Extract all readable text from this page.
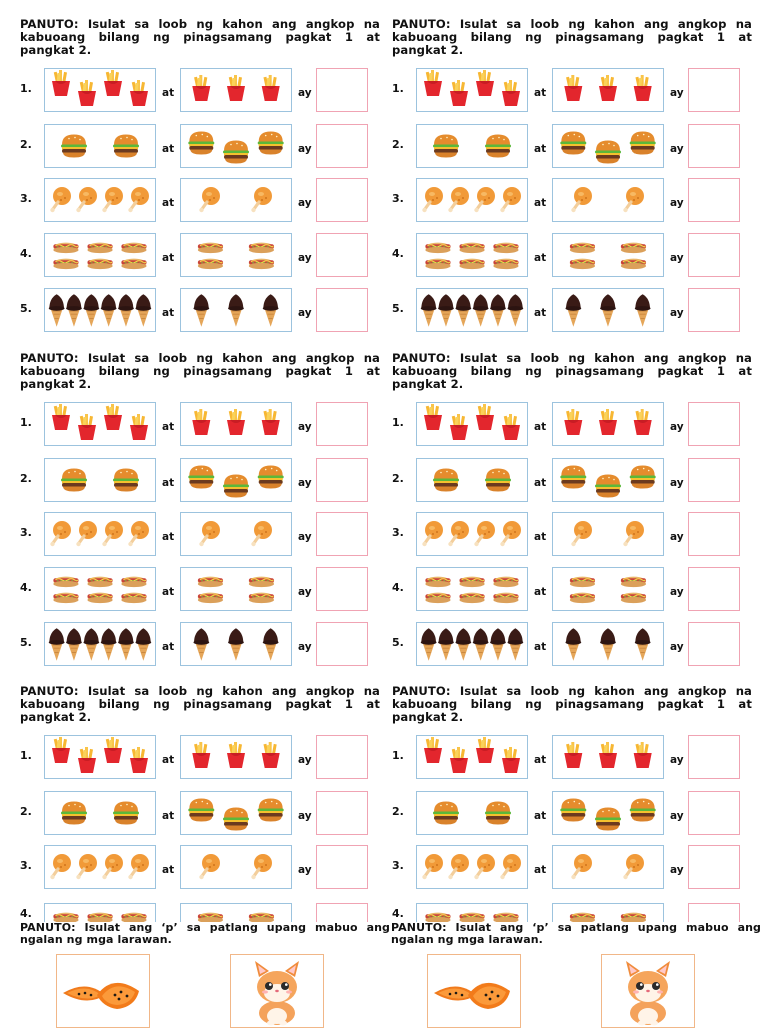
PANUTO: Isulat sa loob ng kahon ang angkop na kabuoang bilang ng pinagsamang pagkat 1 at pangkat 2.
1.	at	ay
2.	at	ay
3.	at	ay
4.	at	ay
5.	at	ay
PANUTO: Isulat sa loob ng kahon ang angkop na kabuoang bilang ng pinagsamang pagkat 1 at pangkat 2.
1.	at	ay
2.	at	ay
3.	at	ay
4.	at	ay
5.	at	ay
PANUTO: Isulat sa loob ng kahon ang angkop na kabuoang bilang ng pinagsamang pagkat 1 at pangkat 2.
1.	at	ay
2.	at	ay
3.	at	ay
4.	at	ay
5.	at	ay
PANUTO: Isulat sa loob ng kahon ang angkop na kabuoang bilang ng pinagsamang pagkat 1 at pangkat 2.
1.	at	ay
2.	at	ay
3.	at	ay
4.	at	ay
5.	at	ay
PANUTO: Isulat sa loob ng kahon ang angkop na kabuoang bilang ng pinagsamang pagkat 1 at pangkat 2.
1.	at	ay
2.	at	ay
3.	at	ay
4.
PANUTO: Isulat sa loob ng kahon ang angkop na kabuoang bilang ng pinagsamang pagkat 1 at pangkat 2.
1.	at	ay
2.	at	ay
3.	at	ay
4.
PANUTO: Isulat ang ‘p’ sa patlang upang mabuo ang ngalan ng mga larawan.
PANUTO: Isulat ang ‘p’ sa patlang upang mabuo ang ngalan ng mga larawan.
